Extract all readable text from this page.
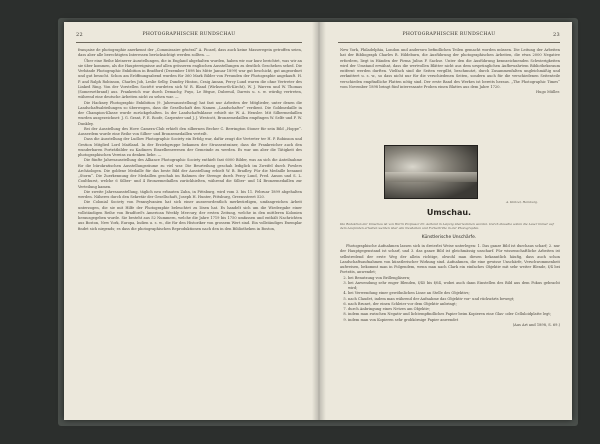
22	PHOTOGRAPHISCHE RUNDSCHAU

française de photographie anerkennt der „Commissaire général“ A. Picard, dass auch keine Masseregein getroffen seien, dass aber alle berechtigten Interessen berücksichtigt werden sollten. —

Über eine Reihe kleinerer Ausstellungen, die in England abgehalten wurden, haben wir nur kurz berichtet, was wir an sie über kommen, als die Hauptereignisse auf allen grösseren englischen Ausstellungen zu deutlich Geschehen sehed. Die Verbände Photographic Exhibition in Bradford (Dezember 1898 bis Mitte Januar 1899) war gut beschickt, gut angeordnet und gut besucht. Schon am Eröffnungsabend wurden für 360 Mark Bilder von Freunden der Photographie angekauft. H. P. and Ralph Robinson, Charles Job, Leslie Selby, Dundey Hinton, Craig Annan, Percy Lund waren die ohne Vertreter des Linked Ring. Von der Vorstellen Société wurdeten sich W. R. Bland (Wirksworth-Kircht), W. J. Warren und W. Thomas (Somersetbrand) aus. Frankreich war durch Demachy, Puyo, Le Bègue, Dubreuil, Darwis u. s. w. würdig vertreten, während eine deutsche Arbeiten nicht zu sehen war. —

Die Hackney Photographic Exhibition (9. Jahresausstellung) hat fast nur Arbeiten der Mitglieder, unter denen die Landschaftsabteilungen so überwogen, dass die Gesellschaft den Namen „Landschafter“ verdient. Die Goldmedaille in der Champion-Klasse wurde zurückgehalten. In der Landschaftsklasse erhielt sie W. A. Hensler. Mit Silbermedaillen wurden ausgezeichnet: J. G. Grant, F. E. Roofe, Carpenter und J. J. Westcott, Bronzemedaillen empfingen W. Selfe und F. W. Dunkley.

Bei der Ausstellung des Hove Camera-Club erhielt den silbernen Becher C. Berrington Stoner für sein Bild „Hoppe“. Ausserdem wurde eine Reihe von Silber- und Bronzemedaillen verteilt.

Dass die Ausstellung der Ludlow Photographic Society ein Erfolg war, dafür zeugt die Vertreter ter H. P. Robinson und Gestion Mitglied Lord Maitland. In der Erziehgruppe bekamen der Strassentrainer, dass die Frankreicher auch den wunderbaren Porträtbilder zu Kadiners Einzelbenewesen der Gemeinde zu werden. Es war um aber die Tätigkeit des photographischen Vereins zu denken liebe. —

Die fünfte Jahresausstellung des Alliance Photographic Society enthielt fast 6000 Bilder, was an sich die Anteilnahme für die bürokratischen Ausstellungsräume zu viel war. Die Beurteilung geschah lediglich im Zweifel durch Fowlers Archäologen. Die goldene Medaille für das beste Bild der Ausstellung erhielt W. B. Bradley. Für die Medaille benannt „Storm“. Die Zuerkennung der Medaillen geschah im Rahmen der Strenge durch Percy Lund, Fred. Anson und S. L. Coulthurst, welche 6 Silber- und 4 Bronzemedaillen zurückhielten, während die Silber- und 14 Bronzemedaillen zur Verteilung kamen.

Die zweite Jahresausstellung, täglich neu erbauten Zahn, in Pittsburg, wird vom 3. bis 11. Februar 1899 abgehalten werden. Näheres durch den Sekretär der Gesellschaft, Joseph H. Hunter, Pittsburg, Greensstreet 520.

Die Colonial Society von Pennsylvanien hat sich einer ausserordentlich merkwürdigen, umfangreichen Arbeit unterzogen, die sie mit Hilfe der Photographie beleuchtet zu lösen hat. Es handelt sich um die Wiedergabe einer vollständigen Reihe von Bradford's American Weekly Mercury, der ersten Zeitung, welche in den mittleren Kolonien herausgegeben wurde. Sie besteht aus 52 Nummern, welche die Jahre 1719 bis 1750 umfassen und enthält Nachrichten aus Boston, New York, Europa, Indien u. s. w., die für den Historiker von grossem Wert sind. Ein vollständiges Exemplar findet sich nirgends; es dass die photographischen Reproduktionen nach den in den Bibliotheken in Boston,

PHOTOGRAPHISCHE RUNDSCHAU	23

New York, Philadelphia, London und anderswo befindlichen Teilen gemacht worden müssen. Die Leitung der Arbeiten hat der Bibliograph Charles R. Hildeburn, die Ausführung der photographischen Arbeiten, die etwa 2000 Negative erfordern, liegt in Händen der Firma Julius F. Sachse. Unter den die Ausführung kennzeichnenden Schwierigkeiten wird der Umstand erwähnt, dass die wertvollen Blätter nicht aus dem ursprünglichen Aufbewahrtem Bibliotheksraum entfernt werden durften. Vielfach sind die Seiten vergilbt, beschmutzt, durch Zusammenfalten ungleichmäßig und zerknittert u. s. w., so dass nicht nur für die verschiedenen Seiten, sondern auch für die verschiedenen Seitenteile verschieden empfindliche Platten nötig sind. Der erste Band des Werkes ist bereits heraus. „The Photographic Times“ vom November 1898 bringt fünf interessante Proben einen Blattes aus dem Jahre 1720.

Hugo Müller.
A. Kintzel, Hamburg.
Umschau.
Die Redaktion der Umschau ist von Herrn Professor Dr. Aarland in Leipzig übernommen worden. Durch dieselbe sollen die Leser immer auf dem Laufenden erhalten werden über alle Neuheiten und Fortschritte in der Photographie.
Künstlerische Unschärfe.

Photographische Aufnahmen lassen sich in dreierlei Weise unterlegen: 1. Das ganze Bild ist durchaus scharf; 2. nur der Hauptgegenstand ist scharf, und 3. das ganze Bild ist gleichmässig unscharf. Für wissenschaftliche Arbeiten ist selbstredend der erste Weg der allein richtige, obwohl man diesen bekanntlich häufig, dass auch schon Landschaftsaufnahmen von künstlerischer Wirkung sind. Aufnahmen, die eine gewisse Unschärfe, Verschwommenheit aufweisen, bekommt man in Folgendem, wenn man nach Clark ein einfaches Objektiv mit sehr weiter Blende, f/4 bei Porträts, anwendet;

2. bei Benutzung von Brillengläsern;
3. bei Anwendung sehr enger Blenden, f/45 bis f/64, wobei auch dann Einstellen des Bild aus dem Fokus gebracht wird;
4. bei Verwendung einer gewöhnlichen Linse an Stelle des Objektivs;
5. nach Claudet, indem man während der Aufnahme das Objektiv vor- und rückwärts bewegt;
6. nach Brunet, der einen Schleier vor dem Objektiv anbringt;
7. durch Anbringung eines Netzes am Objektiv;
8. indem man zwischen Negativ und lichtempfindliches Papier beim Kopieren eine Glas- oder Celluloidplatte legt;
9. indem man von Kopieren sehr grobkörnige Papier anwendet
(Aus Art and 1898, S. 69.)
